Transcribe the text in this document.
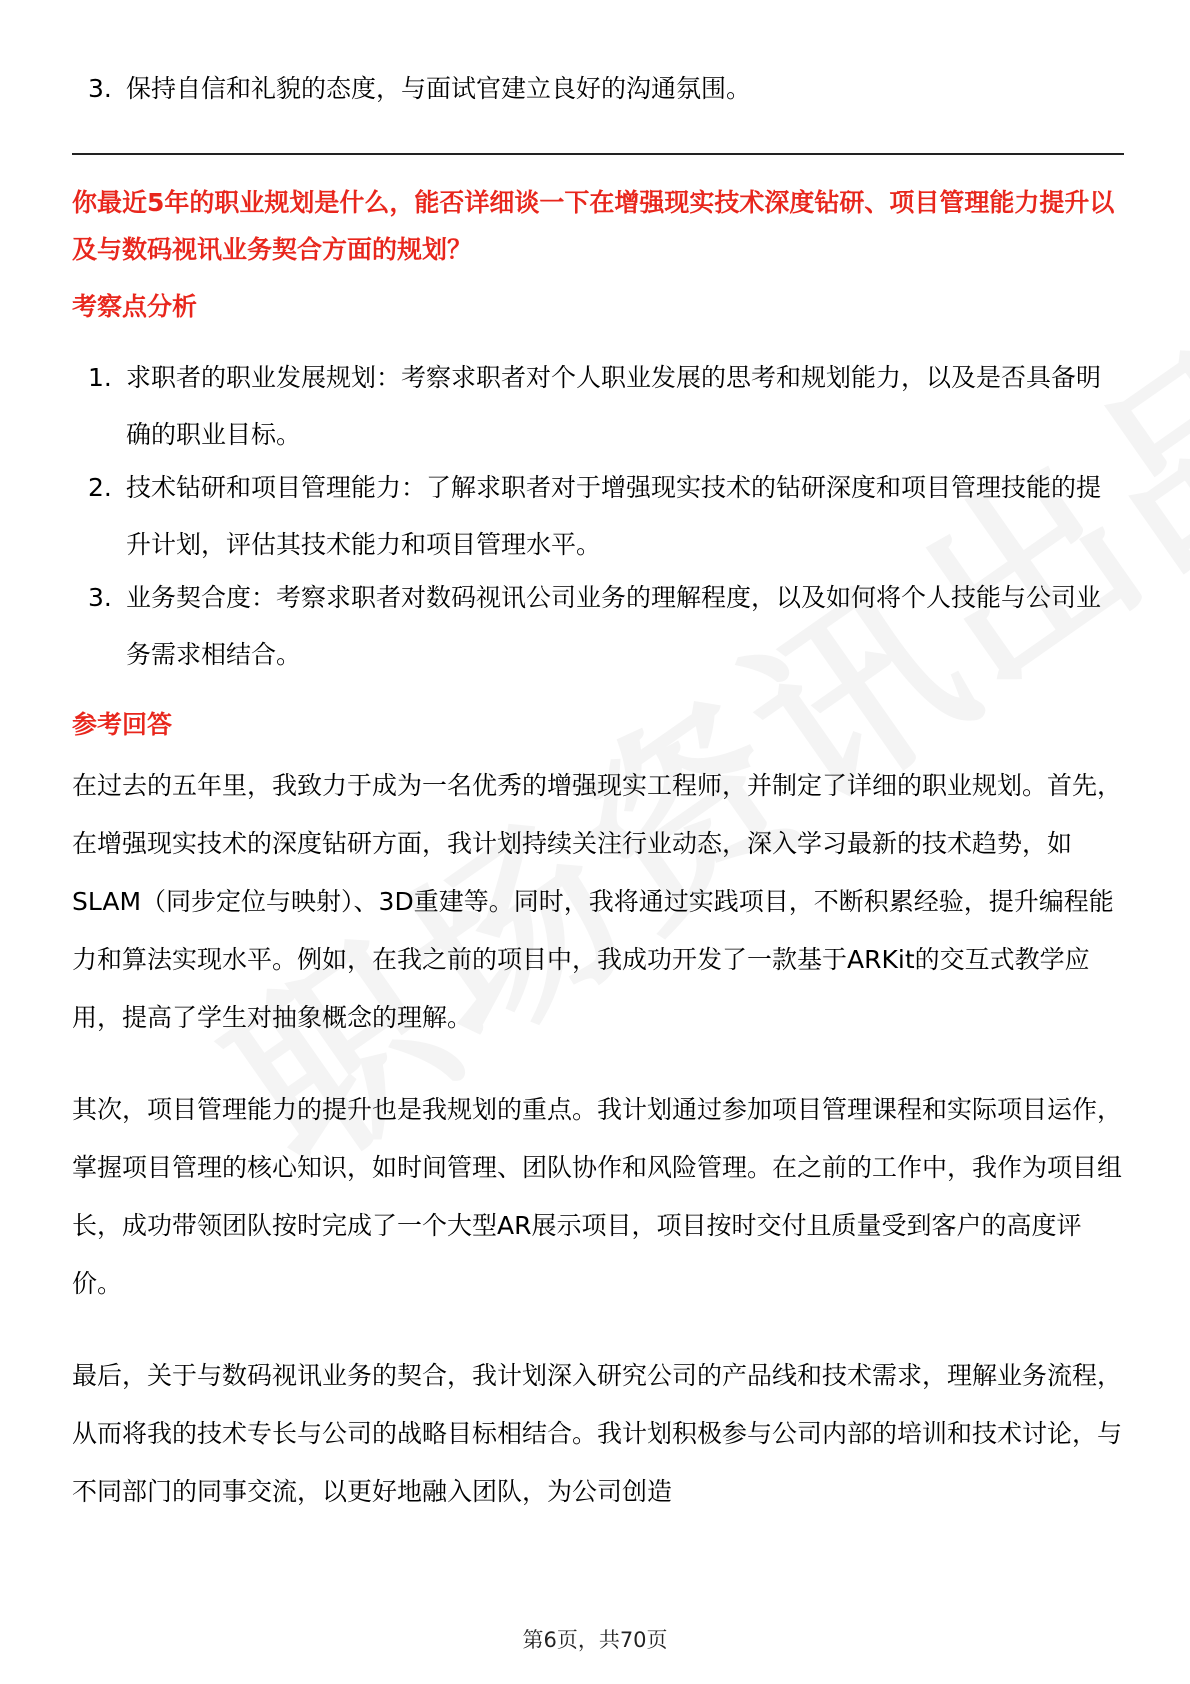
3. 保持自信和礼貌的态度，与面试官建立良好的沟通氛围。
你最近5年的职业规划是什么，能否详细谈一下在增强现实技术深度钻研、项目管理能力提升以及与数码视讯业务契合方面的规划？
考察点分析
1. 求职者的职业发展规划：考察求职者对个人职业发展的思考和规划能力，以及是否具备明确的职业目标。
2. 技术钻研和项目管理能力：了解求职者对于增强现实技术的钻研深度和项目管理技能的提升计划，评估其技术能力和项目管理水平。
3. 业务契合度：考察求职者对数码视讯公司业务的理解程度，以及如何将个人技能与公司业务需求相结合。
参考回答

在过去的五年里，我致力于成为一名优秀的增强现实工程师，并制定了详细的职业规划。首先，在增强现实技术的深度钻研方面，我计划持续关注行业动态，深入学习最新的技术趋势，如SLAM（同步定位与映射）、3D重建等。同时，我将通过实践项目，不断积累经验，提升编程能力和算法实现水平。例如，在我之前的项目中，我成功开发了一款基于ARKit的交互式教学应用，提高了学生对抽象概念的理解。

其次，项目管理能力的提升也是我规划的重点。我计划通过参加项目管理课程和实际项目运作，掌握项目管理的核心知识，如时间管理、团队协作和风险管理。在之前的工作中，我作为项目组长，成功带领团队按时完成了一个大型AR展示项目，项目按时交付且质量受到客户的高度评价。

最后，关于与数码视讯业务的契合，我计划深入研究公司的产品线和技术需求，理解业务流程，从而将我的技术专长与公司的战略目标相结合。我计划积极参与公司内部的培训和技术讨论，与不同部门的同事交流，以更好地融入团队，为公司创造

第6页，共70页
